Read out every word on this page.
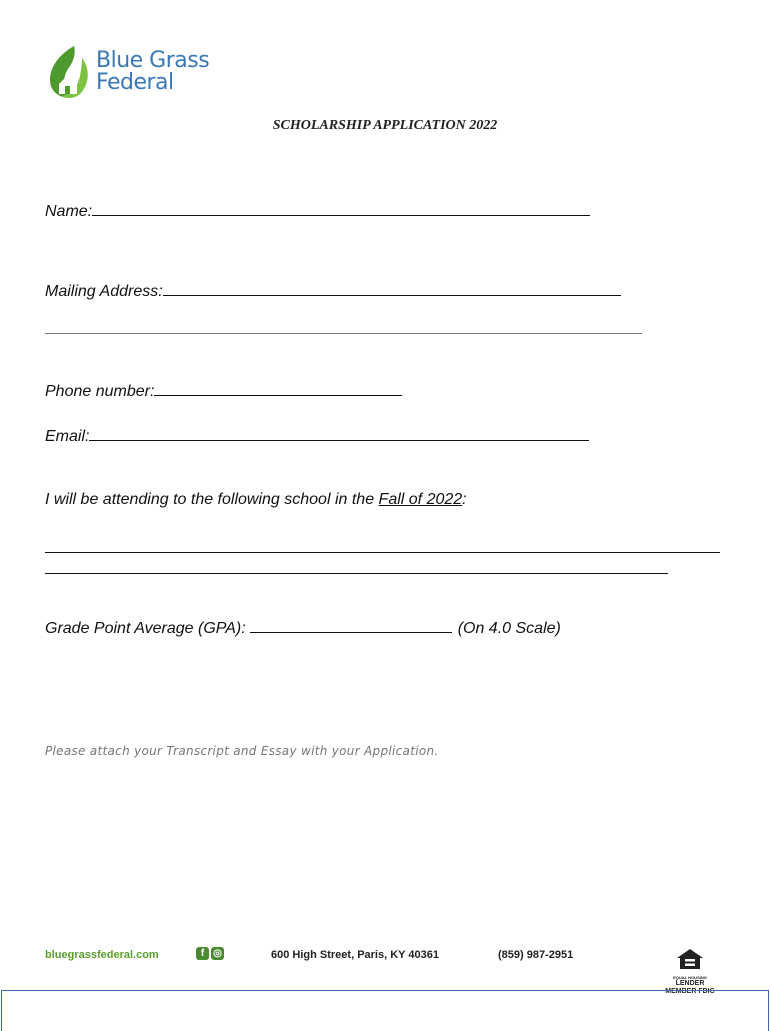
Blue Grass
Federal
SCHOLARSHIP APPLICATION 2022
Name:
Mailing Address:
Phone number:
Email:
I will be attending to the following school in the Fall of 2022:
Grade Point Average (GPA):	(On 4.0 Scale)
Please attach your Transcript and Essay with your Application.
bluegrassfederal.com	f ◎	600 High Street, Paris, KY 40361	(859) 987-2951
EQUAL HOUSING
LENDER
MEMBER FDIC
